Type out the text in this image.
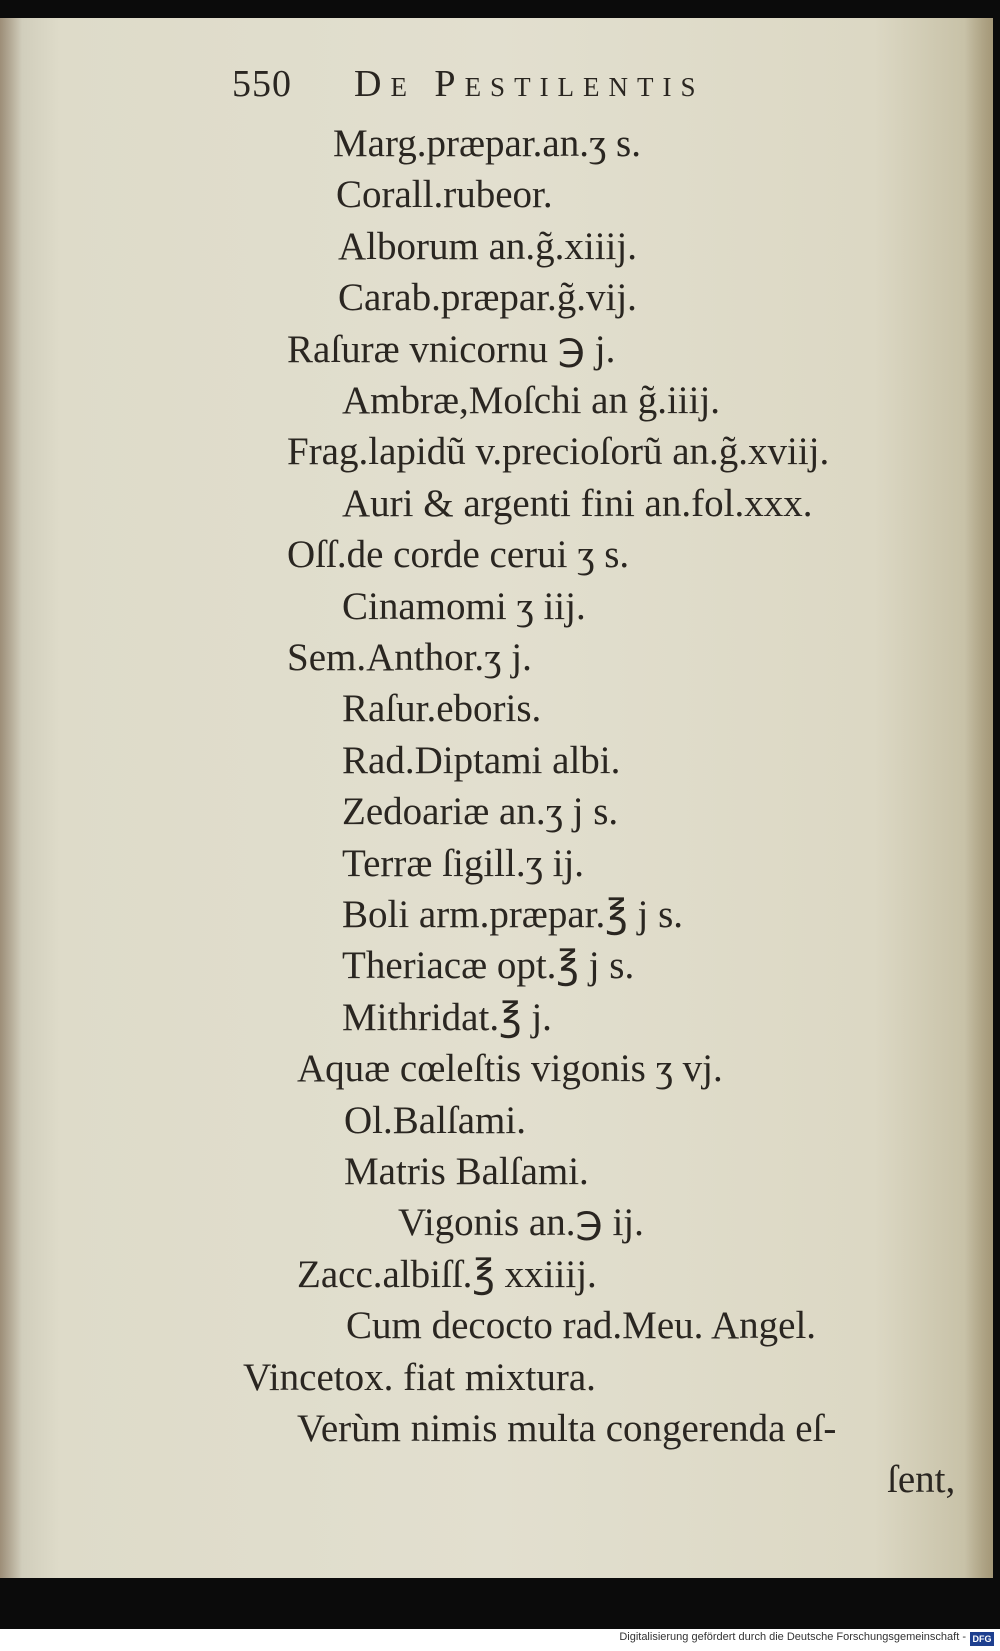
550 De Pestilentis
Marg.præpar.an.ʒ s.
Corall.rubeor.
Alborum an.g̃.xiiij.
Carab.præpar.g̃.vij.
Raſuræ vnicornu ℈ j.
Ambræ,Moſchi an g̃.iiij.
Frag.lapidũ v.precioſorũ an.g̃.xviij.
Auri & argenti fini an.fol.xxx.
Oſſ.de corde cerui ʒ s.
Cinamomi ʒ iij.
Sem.Anthor.ʒ j.
Raſur.eboris.
Rad.Diptami albi.
Zedoariæ an.ʒ j s.
Terræ ſigill.ʒ ij.
Boli arm.præpar.℥ j s.
Theriacæ opt.℥ j s.
Mithridat.℥ j.
Aquæ cœleſtis vigonis ʒ vj.
Ol.Balſami.
Matris Balſami.
Vigonis an.℈ ij.
Zacc.albiſſ.℥ xxiiij.
Cum decocto rad.Meu. Angel.
Vincetox. fiat mixtura.
Verùm nimis multa congerenda eſ-
ſent,
Digitalisierung gefördert durch die Deutsche Forschungsgemeinschaft - DFG
